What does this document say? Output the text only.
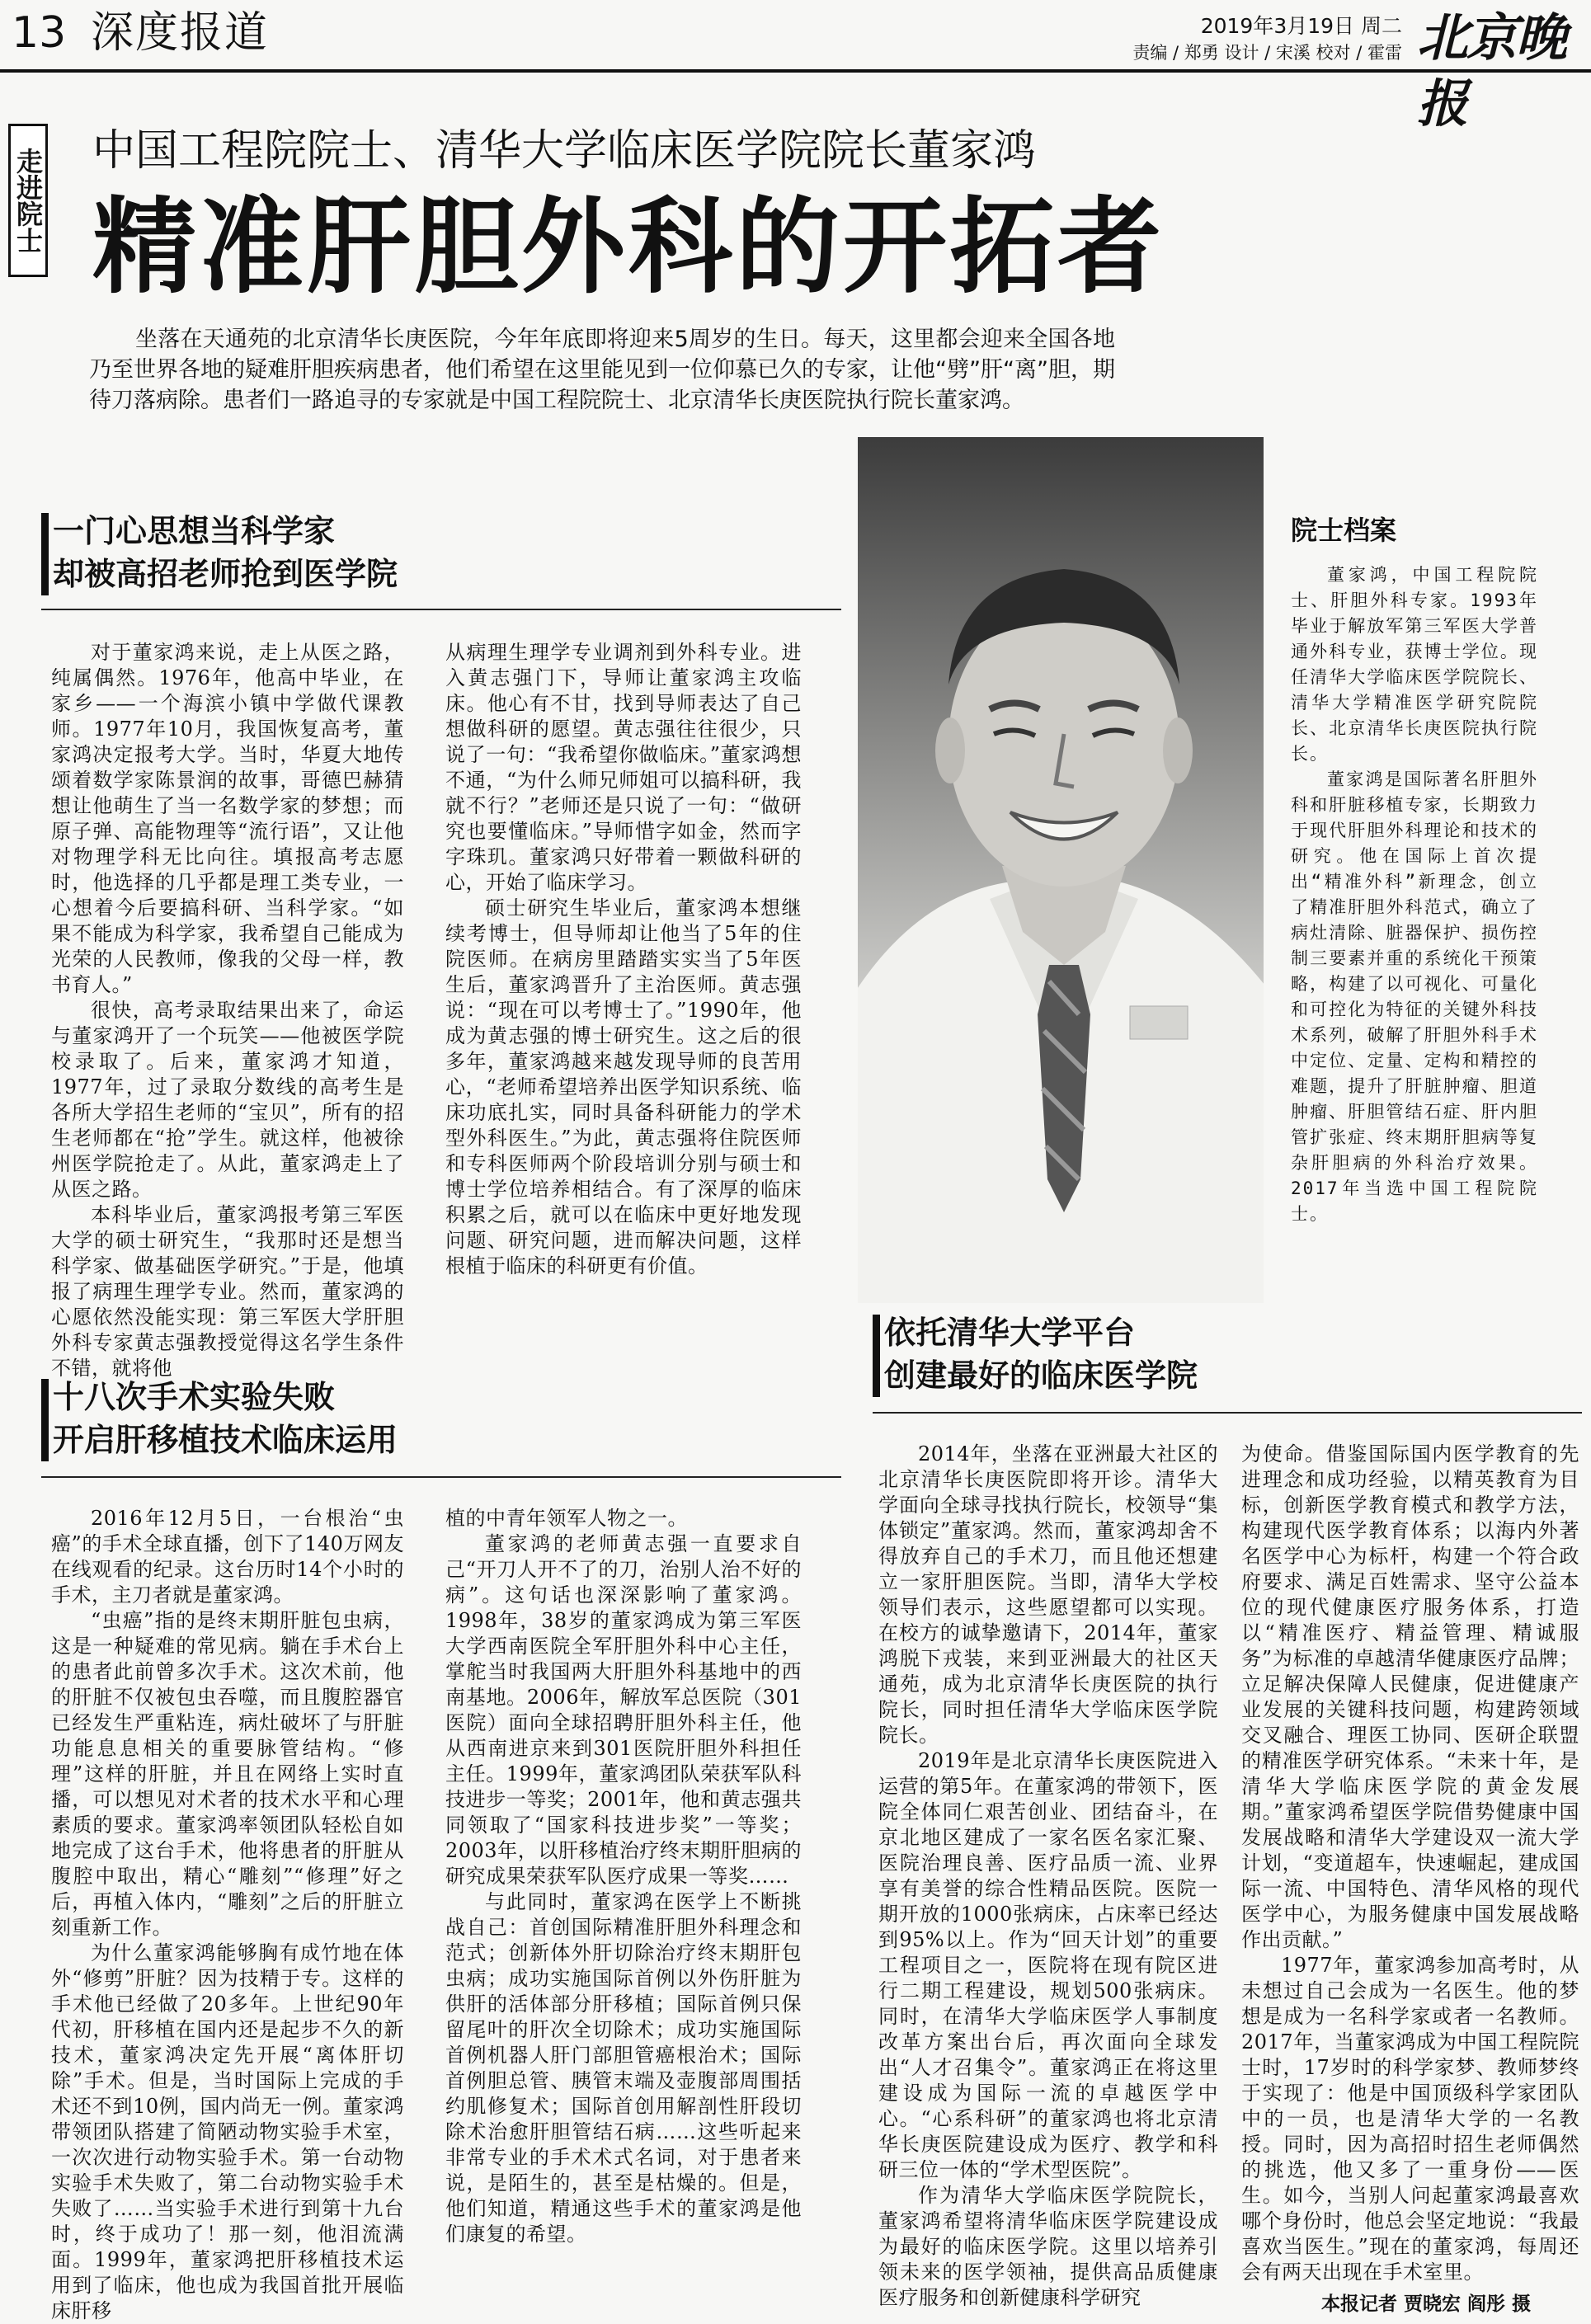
13 深度报道	2019年3月19日 周二
责编 / 郑勇 设计 / 宋溪 校对 / 霍雷 北京晚报
走进院士 中国工程院院士、清华大学临床医学院院长董家鸿
精准肝胆外科的开拓者
坐落在天通苑的北京清华长庚医院，今年年底即将迎来5周岁的生日。每天，这里都会迎来全国各地乃至世界各地的疑难肝胆疾病患者，他们希望在这里能见到一位仰慕已久的专家，让他“劈”肝“离”胆，期待刀落病除。患者们一路追寻的专家就是中国工程院院士、北京清华长庚医院执行院长董家鸿。
一门心思想当科学家
却被高招老师抢到医学院

对于董家鸿来说，走上从医之路，纯属偶然。1976年，他高中毕业，在家乡——一个海滨小镇中学做代课教师。1977年10月，我国恢复高考，董家鸿决定报考大学。当时，华夏大地传颂着数学家陈景润的故事，哥德巴赫猜想让他萌生了当一名数学家的梦想；而原子弹、高能物理等“流行语”，又让他对物理学科无比向往。填报高考志愿时，他选择的几乎都是理工类专业，一心想着今后要搞科研、当科学家。“如果不能成为科学家，我希望自己能成为光荣的人民教师，像我的父母一样，教书育人。”

很快，高考录取结果出来了，命运与董家鸿开了一个玩笑——他被医学院校录取了。后来，董家鸿才知道，1977年，过了录取分数线的高考生是各所大学招生老师的“宝贝”，所有的招生老师都在“抢”学生。就这样，他被徐州医学院抢走了。从此，董家鸿走上了从医之路。

本科毕业后，董家鸿报考第三军医大学的硕士研究生，“我那时还是想当科学家、做基础医学研究。”于是，他填报了病理生理学专业。然而，董家鸿的心愿依然没能实现：第三军医大学肝胆外科专家黄志强教授觉得这名学生条件不错，就将他

从病理生理学专业调剂到外科专业。进入黄志强门下，导师让董家鸿主攻临床。他心有不甘，找到导师表达了自己想做科研的愿望。黄志强往往很少，只说了一句：“我希望你做临床。”董家鸿想不通，“为什么师兄师姐可以搞科研，我就不行？”老师还是只说了一句：“做研究也要懂临床。”导师惜字如金，然而字字珠玑。董家鸿只好带着一颗做科研的心，开始了临床学习。

硕士研究生毕业后，董家鸿本想继续考博士，但导师却让他当了5年的住院医师。在病房里踏踏实实当了5年医生后，董家鸿晋升了主治医师。黄志强说：“现在可以考博士了。”1990年，他成为黄志强的博士研究生。这之后的很多年，董家鸿越来越发现导师的良苦用心，“老师希望培养出医学知识系统、临床功底扎实，同时具备科研能力的学术型外科医生。”为此，黄志强将住院医师和专科医师两个阶段培训分别与硕士和博士学位培养相结合。有了深厚的临床积累之后，就可以在临床中更好地发现问题、研究问题，进而解决问题，这样根植于临床的科研更有价值。

十八次手术实验失败
开启肝移植技术临床运用

2016年12月5日，一台根治“虫癌”的手术全球直播，创下了140万网友在线观看的纪录。这台历时14个小时的手术，主刀者就是董家鸿。

“虫癌”指的是终末期肝脏包虫病，这是一种疑难的常见病。躺在手术台上的患者此前曾多次手术。这次术前，他的肝脏不仅被包虫吞噬，而且腹腔器官已经发生严重粘连，病灶破坏了与肝脏功能息息相关的重要脉管结构。“修理”这样的肝脏，并且在网络上实时直播，可以想见对术者的技术水平和心理素质的要求。董家鸿率领团队轻松自如地完成了这台手术，他将患者的肝脏从腹腔中取出，精心“雕刻”“修理”好之后，再植入体内，“雕刻”之后的肝脏立刻重新工作。

为什么董家鸿能够胸有成竹地在体外“修剪”肝脏？因为技精于专。这样的手术他已经做了20多年。上世纪90年代初，肝移植在国内还是起步不久的新技术，董家鸿决定先开展“离体肝切除”手术。但是，当时国际上完成的手术还不到10例，国内尚无一例。董家鸿带领团队搭建了简陋动物实验手术室，一次次进行动物实验手术。第一台动物实验手术失败了，第二台动物实验手术失败了……当实验手术进行到第十九台时，终于成功了！那一刻，他泪流满面。1999年，董家鸿把肝移植技术运用到了临床，他也成为我国首批开展临床肝移

植的中青年领军人物之一。

董家鸿的老师黄志强一直要求自己“开刀人开不了的刀，治别人治不好的病”。这句话也深深影响了董家鸿。1998年，38岁的董家鸿成为第三军医大学西南医院全军肝胆外科中心主任，掌舵当时我国两大肝胆外科基地中的西南基地。2006年，解放军总医院（301医院）面向全球招聘肝胆外科主任，他从西南进京来到301医院肝胆外科担任主任。1999年，董家鸿团队荣获军队科技进步一等奖；2001年，他和黄志强共同领取了“国家科技进步奖”一等奖；2003年，以肝移植治疗终末期肝胆病的研究成果荣获军队医疗成果一等奖……

与此同时，董家鸿在医学上不断挑战自己：首创国际精准肝胆外科理念和范式；创新体外肝切除治疗终末期肝包虫病；成功实施国际首例以外伤肝脏为供肝的活体部分肝移植；国际首例只保留尾叶的肝次全切除术；成功实施国际首例机器人肝门部胆管癌根治术；国际首例胆总管、胰管末端及壶腹部周围括约肌修复术；国际首创用解剖性肝段切除术治愈肝胆管结石病……这些听起来非常专业的手术术式名词，对于患者来说，是陌生的，甚至是枯燥的。但是，他们知道，精通这些手术的董家鸿是他们康复的希望。

院士档案

董家鸿，中国工程院院士、肝胆外科专家。1993年毕业于解放军第三军医大学普通外科专业，获博士学位。现任清华大学临床医学院院长、清华大学精准医学研究院院长、北京清华长庚医院执行院长。

董家鸿是国际著名肝胆外科和肝脏移植专家，长期致力于现代肝胆外科理论和技术的研究。他在国际上首次提出“精准外科”新理念，创立了精准肝胆外科范式，确立了病灶清除、脏器保护、损伤控制三要素并重的系统化干预策略，构建了以可视化、可量化和可控化为特征的关键外科技术系列，破解了肝胆外科手术中定位、定量、定构和精控的难题，提升了肝脏肿瘤、胆道肿瘤、肝胆管结石症、肝内胆管扩张症、终末期肝胆病等复杂肝胆病的外科治疗效果。2017年当选中国工程院院士。

依托清华大学平台
创建最好的临床医学院

2014年，坐落在亚洲最大社区的北京清华长庚医院即将开诊。清华大学面向全球寻找执行院长，校领导“集体锁定”董家鸿。然而，董家鸿却舍不得放弃自己的手术刀，而且他还想建立一家肝胆医院。当即，清华大学校领导们表示，这些愿望都可以实现。在校方的诚挚邀请下，2014年，董家鸿脱下戎装，来到亚洲最大的社区天通苑，成为北京清华长庚医院的执行院长，同时担任清华大学临床医学院院长。

2019年是北京清华长庚医院进入运营的第5年。在董家鸿的带领下，医院全体同仁艰苦创业、团结奋斗，在京北地区建成了一家名医名家汇聚、医院治理良善、医疗品质一流、业界享有美誉的综合性精品医院。医院一期开放的1000张病床，占床率已经达到95%以上。作为“回天计划”的重要工程项目之一，医院将在现有院区进行二期工程建设，规划500张病床。同时，在清华大学临床医学人事制度改革方案出台后，再次面向全球发出“人才召集令”。董家鸿正在将这里建设成为国际一流的卓越医学中心。“心系科研”的董家鸿也将北京清华长庚医院建设成为医疗、教学和科研三位一体的“学术型医院”。

作为清华大学临床医学院院长，董家鸿希望将清华临床医学院建设成为最好的临床医学院。这里以培养引领未来的医学领袖，提供高品质健康医疗服务和创新健康科学研究

为使命。借鉴国际国内医学教育的先进理念和成功经验，以精英教育为目标，创新医学教育模式和教学方法，构建现代医学教育体系；以海内外著名医学中心为标杆，构建一个符合政府要求、满足百姓需求、坚守公益本位的现代健康医疗服务体系，打造以“精准医疗、精益管理、精诚服务”为标准的卓越清华健康医疗品牌；立足解决保障人民健康，促进健康产业发展的关键科技问题，构建跨领域交叉融合、理医工协同、医研企联盟的精准医学研究体系。“未来十年，是清华大学临床医学院的黄金发展期。”董家鸿希望医学院借势健康中国发展战略和清华大学建设双一流大学计划，“变道超车，快速崛起，建成国际一流、中国特色、清华风格的现代医学中心，为服务健康中国发展战略作出贡献。”

1977年，董家鸿参加高考时，从未想过自己会成为一名医生。他的梦想是成为一名科学家或者一名教师。2017年，当董家鸿成为中国工程院院士时，17岁时的科学家梦、教师梦终于实现了：他是中国顶级科学家团队中的一员，也是清华大学的一名教授。同时，因为高招时招生老师偶然的挑选，他又多了一重身份——医生。如今，当别人问起董家鸿最喜欢哪个身份时，他总会坚定地说：“我最喜欢当医生。”现在的董家鸿，每周还会有两天出现在手术室里。

本报记者 贾晓宏 阎彤 摄
